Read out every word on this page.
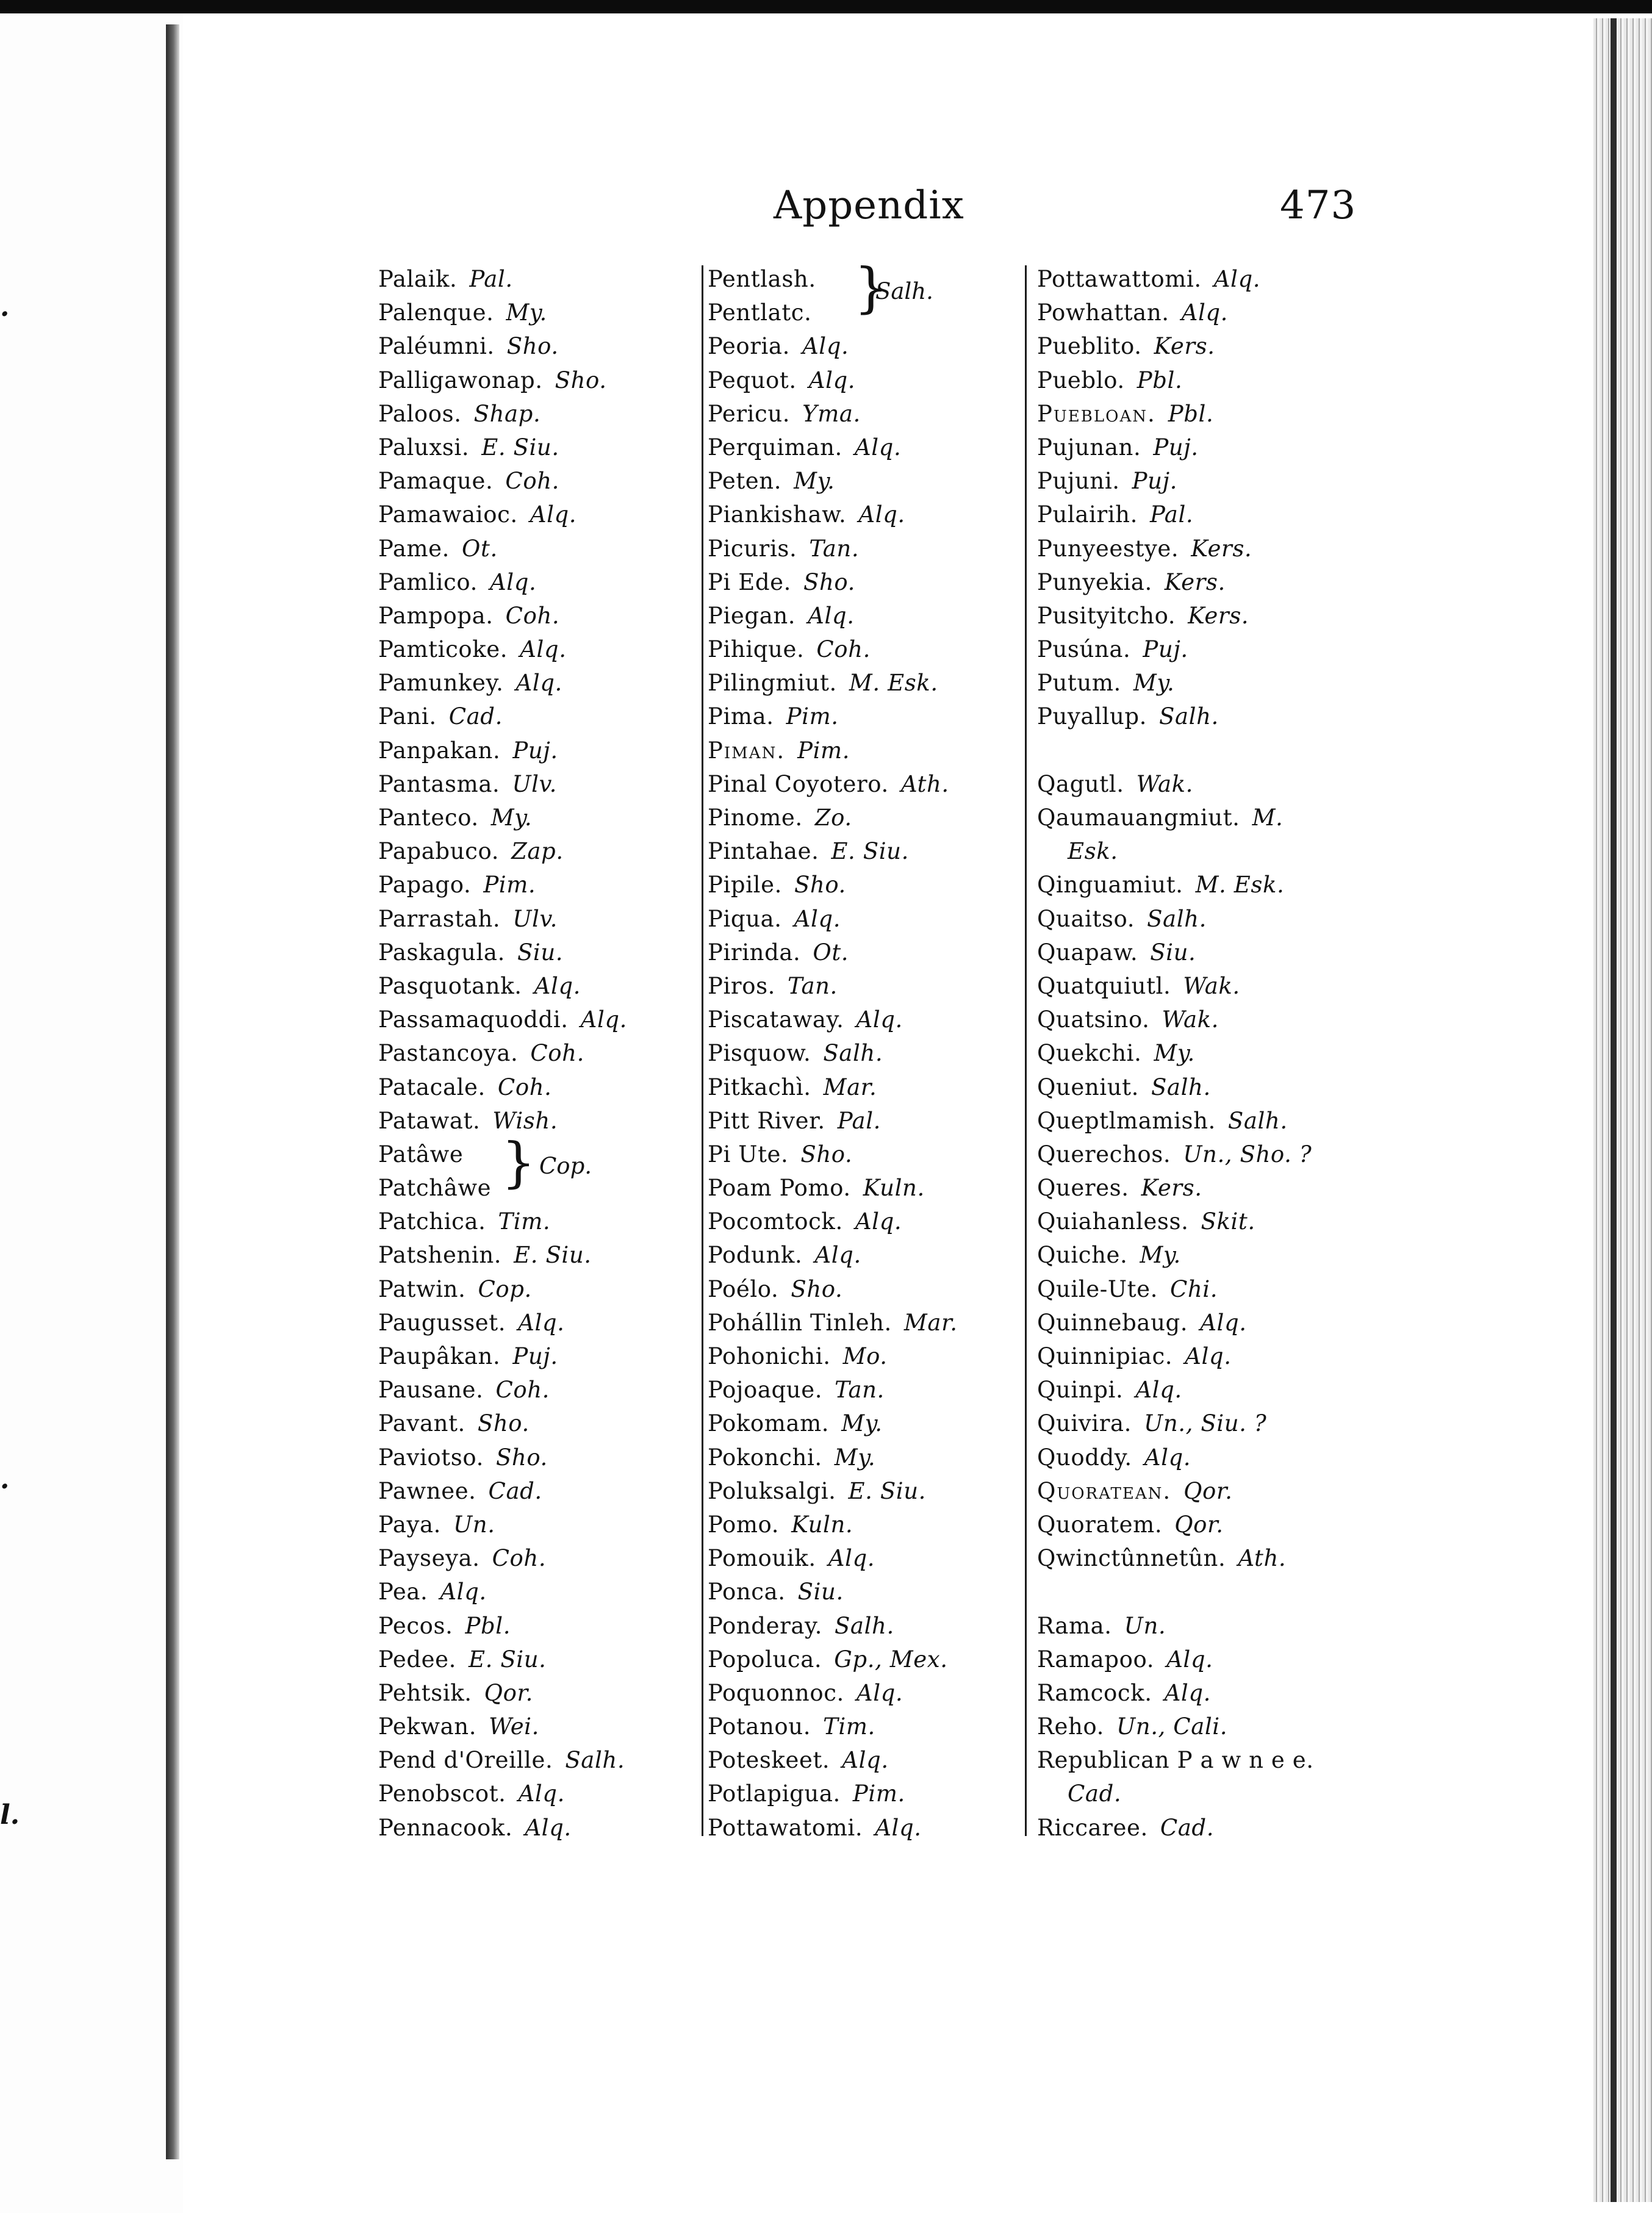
.
.
l.
Appendix	473
Palaik. Pal.
Palenque. My.
Paléumni. Sho.
Palligawonap. Sho.
Paloos. Shap.
Paluxsi. E. Siu.
Pamaque. Coh.
Pamawaioc. Alq.
Pame. Ot.
Pamlico. Alq.
Pampopa. Coh.
Pamticoke. Alq.
Pamunkey. Alq.
Pani. Cad.
Panpakan. Puj.
Pantasma. Ulv.
Panteco. My.
Papabuco. Zap.
Papago. Pim.
Parrastah. Ulv.
Paskagula. Siu.
Pasquotank. Alq.
Passamaquoddi. Alq.
Pastancoya. Coh.
Patacale. Coh.
Patawat. Wish.
Patâwe
Patchâwe
Patchica. Tim.
Patshenin. E. Siu.
Patwin. Cop.
Paugusset. Alq.
Paupâkan. Puj.
Pausane. Coh.
Pavant. Sho.
Paviotso. Sho.
Pawnee. Cad.
Paya. Un.
Payseya. Coh.
Pea. Alq.
Pecos. Pbl.
Pedee. E. Siu.
Pehtsik. Qor.
Pekwan. Wei.
Pend d'Oreille. Salh.
Penobscot. Alq.
Pennacook. Alq.
Pentlash.
Pentlatc.
Peoria. Alq.
Pequot. Alq.
Pericu. Yma.
Perquiman. Alq.
Peten. My.
Piankishaw. Alq.
Picuris. Tan.
Pi Ede. Sho.
Piegan. Alq.
Pihique. Coh.
Pilingmiut. M. Esk.
Pima. Pim.
Piman. Pim.
Pinal Coyotero. Ath.
Pinome. Zo.
Pintahae. E. Siu.
Pipile. Sho.
Piqua. Alq.
Pirinda. Ot.
Piros. Tan.
Piscataway. Alq.
Pisquow. Salh.
Pitkachì. Mar.
Pitt River. Pal.
Pi Ute. Sho.
Poam Pomo. Kuln.
Pocomtock. Alq.
Podunk. Alq.
Poélo. Sho.
Pohállin Tinleh. Mar.
Pohonichi. Mo.
Pojoaque. Tan.
Pokomam. My.
Pokonchi. My.
Poluksalgi. E. Siu.
Pomo. Kuln.
Pomouik. Alq.
Ponca. Siu.
Ponderay. Salh.
Popoluca. Gp., Mex.
Poquonnoc. Alq.
Potanou. Tim.
Poteskeet. Alq.
Potlapigua. Pim.
Pottawatomi. Alq.
Pottawattomi. Alq.
Powhattan. Alq.
Pueblito. Kers.
Pueblo. Pbl.
Puebloan. Pbl.
Pujunan. Puj.
Pujuni. Puj.
Pulairih. Pal.
Punyeestye. Kers.
Punyekia. Kers.
Pusityitcho. Kers.
Pusúna. Puj.
Putum. My.
Puyallup. Salh.
Qagutl. Wak.
Qaumauangmiut. M.
Esk.
Qinguamiut. M. Esk.
Quaitso. Salh.
Quapaw. Siu.
Quatquiutl. Wak.
Quatsino. Wak.
Quekchi. My.
Queniut. Salh.
Queptlmamish. Salh.
Querechos. Un., Sho. ?
Queres. Kers.
Quiahanless. Skit.
Quiche. My.
Quile-Ute. Chi.
Quinnebaug. Alq.
Quinnipiac. Alq.
Quinpi. Alq.
Quivira. Un., Siu. ?
Quoddy. Alq.
Quoratean. Qor.
Quoratem. Qor.
Qwinctûnnetûn. Ath.
Rama. Un.
Ramapoo. Alq.
Ramcock. Alq.
Reho. Un., Cali.
Republican P a w n e e.
Cad.
Riccaree. Cad.
}
Salh.
} Cop.
